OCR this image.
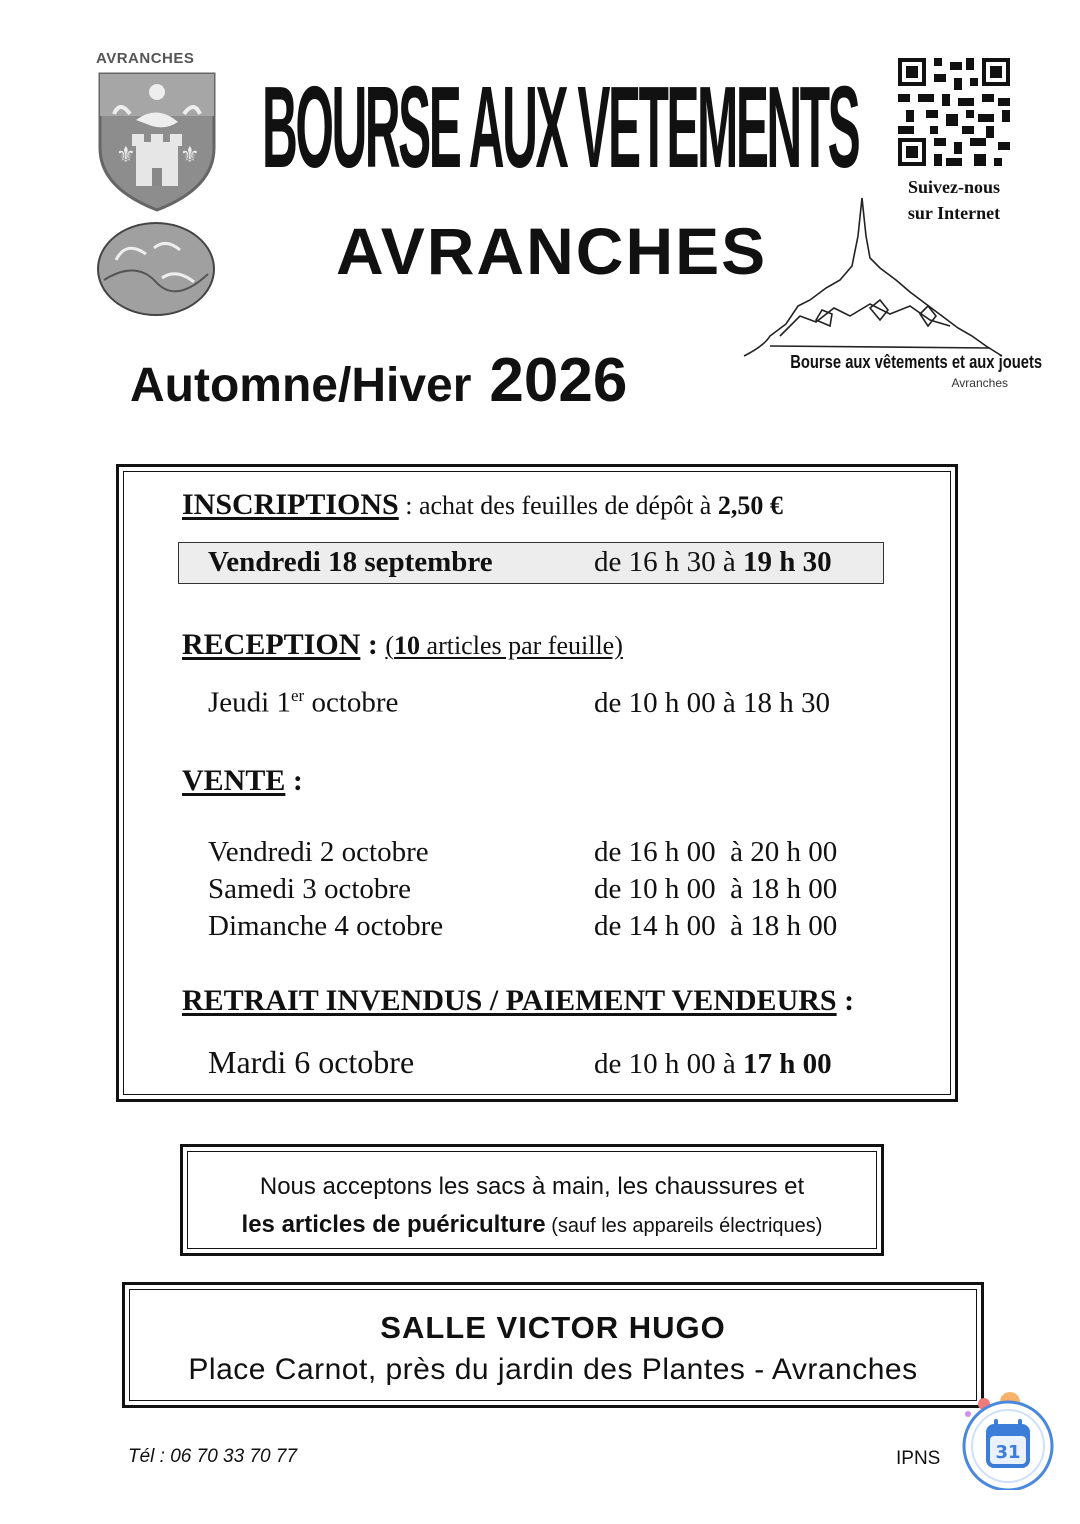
AVRANCHES
⚜ ⚜ BOURSE AUX VETEMENTS
AVRANCHES
Automne/Hiver 2026
Suivez-nous
sur Internet
Bourse aux vêtements et aux jouets
Avranches
INSCRIPTIONS : achat des feuilles de dépôt à 2,50 €
Vendredi 18 septembre	de 16 h 30 à 19 h 30
RECEPTION : (10 articles par feuille)
Jeudi 1er octobre	de 10 h 00 à 18 h 30
VENTE :
Vendredi 2 octobre	de 16 h 00  à 20 h 00
Samedi 3 octobre	de 10 h 00  à 18 h 00
Dimanche 4 octobre	de 14 h 00  à 18 h 00
RETRAIT INVENDUS / PAIEMENT VENDEURS :
Mardi 6 octobre	de 10 h 00 à 17 h 00
Nous acceptons les sacs à main, les chaussures et
les articles de puériculture (sauf les appareils électriques)
SALLE VICTOR HUGO
Place Carnot, près du jardin des Plantes - Avranches
Tél : 06 70 33 70 77	IPNS	31
